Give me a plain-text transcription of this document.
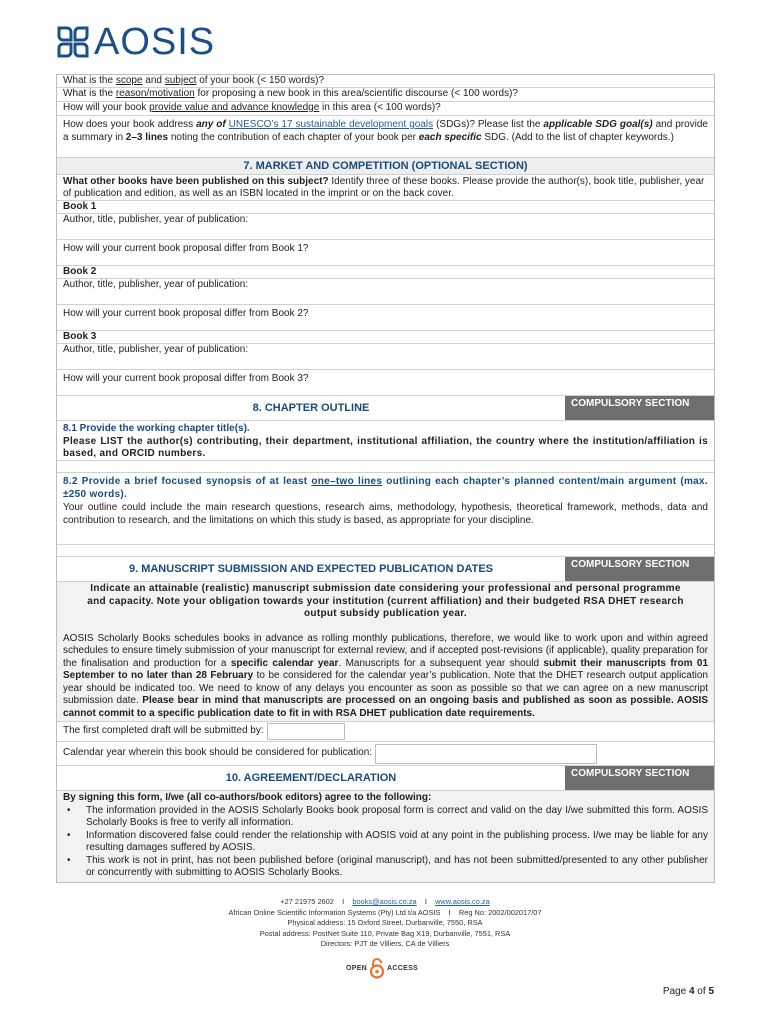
AOSIS
What is the scope and subject of your book (< 150 words)?
What is the reason/motivation for proposing a new book in this area/scientific discourse (< 100 words)?
How will your book provide value and advance knowledge in this area (< 100 words)?
How does your book address any of UNESCO’s 17 sustainable development goals (SDGs)? Please list the applicable SDG goal(s) and provide a summary in 2–3 lines noting the contribution of each chapter of your book per each specific SDG. (Add to the list of chapter keywords.)
7. MARKET AND COMPETITION (OPTIONAL SECTION)
What other books have been published on this subject? Identify three of these books. Please provide the author(s), book title, publisher, year of publication and edition, as well as an ISBN located in the imprint or on the back cover.
Book 1
Author, title, publisher, year of publication:
How will your current book proposal differ from Book 1?
Book 2
Author, title, publisher, year of publication:
How will your current book proposal differ from Book 2?
Book 3
Author, title, publisher, year of publication:
How will your current book proposal differ from Book 3?
8. CHAPTER OUTLINE	COMPULSORY SECTION
8.1 Provide the working chapter title(s).
Please LIST the author(s) contributing, their department, institutional affiliation, the country where the institution/affiliation is based, and ORCID numbers.
8.2 Provide a brief focused synopsis of at least one–two lines outlining each chapter’s planned content/main argument (max. ±250 words).
Your outline could include the main research questions, research aims, methodology, hypothesis, theoretical framework, methods, data and contribution to research, and the limitations on which this study is based, as appropriate for your discipline.
9. MANUSCRIPT SUBMISSION AND EXPECTED PUBLICATION DATES	COMPULSORY SECTION
Indicate an attainable (realistic) manuscript submission date considering your professional and personal programme and capacity. Note your obligation towards your institution (current affiliation) and their budgeted RSA DHET research output subsidy publication year.
AOSIS Scholarly Books schedules books in advance as rolling monthly publications, therefore, we would like to work upon and within agreed schedules to ensure timely submission of your manuscript for external review, and if accepted post-revisions (if applicable), quality preparation for the finalisation and production for a specific calendar year. Manuscripts for a subsequent year should submit their manuscripts from 01 September to no later than 28 February to be considered for the calendar year’s publication. Note that the DHET research output application year should be indicated too. We need to know of any delays you encounter as soon as possible so that we can agree on a new manuscript submission date. Please bear in mind that manuscripts are processed on an ongoing basis and published as soon as possible. AOSIS cannot commit to a specific publication date to fit in with RSA DHET publication date requirements.
The first completed draft will be submitted by:
Calendar year wherein this book should be considered for publication:
10. AGREEMENT/DECLARATION	COMPULSORY SECTION
By signing this form, I/we (all co-authors/book editors) agree to the following:
• The information provided in the AOSIS Scholarly Books book proposal form is correct and valid on the day I/we submitted this form. AOSIS Scholarly Books is free to verify all information.
• Information discovered false could render the relationship with AOSIS void at any point in the publishing process. I/we may be liable for any resulting damages suffered by AOSIS.
• This work is not in print, has not been published before (original manuscript), and has not been submitted/presented to any other publisher or concurrently with submitting to AOSIS Scholarly Books.
+27 21975 2602 I books@aosis.co.za I www.aosis.co.za
African Online Scientific Information Systems (Pty) Ltd t/a AOSIS I Reg No: 2002/002017/07
Physical address: 15 Oxford Street, Durbanville, 7550, RSA
Postal address: PostNet Suite 110, Private Bag X19, Durbanville, 7551, RSA
Directors: PJT de Villiers, CA de Villiers
OPEN	ACCESS
Page 4 of 5
